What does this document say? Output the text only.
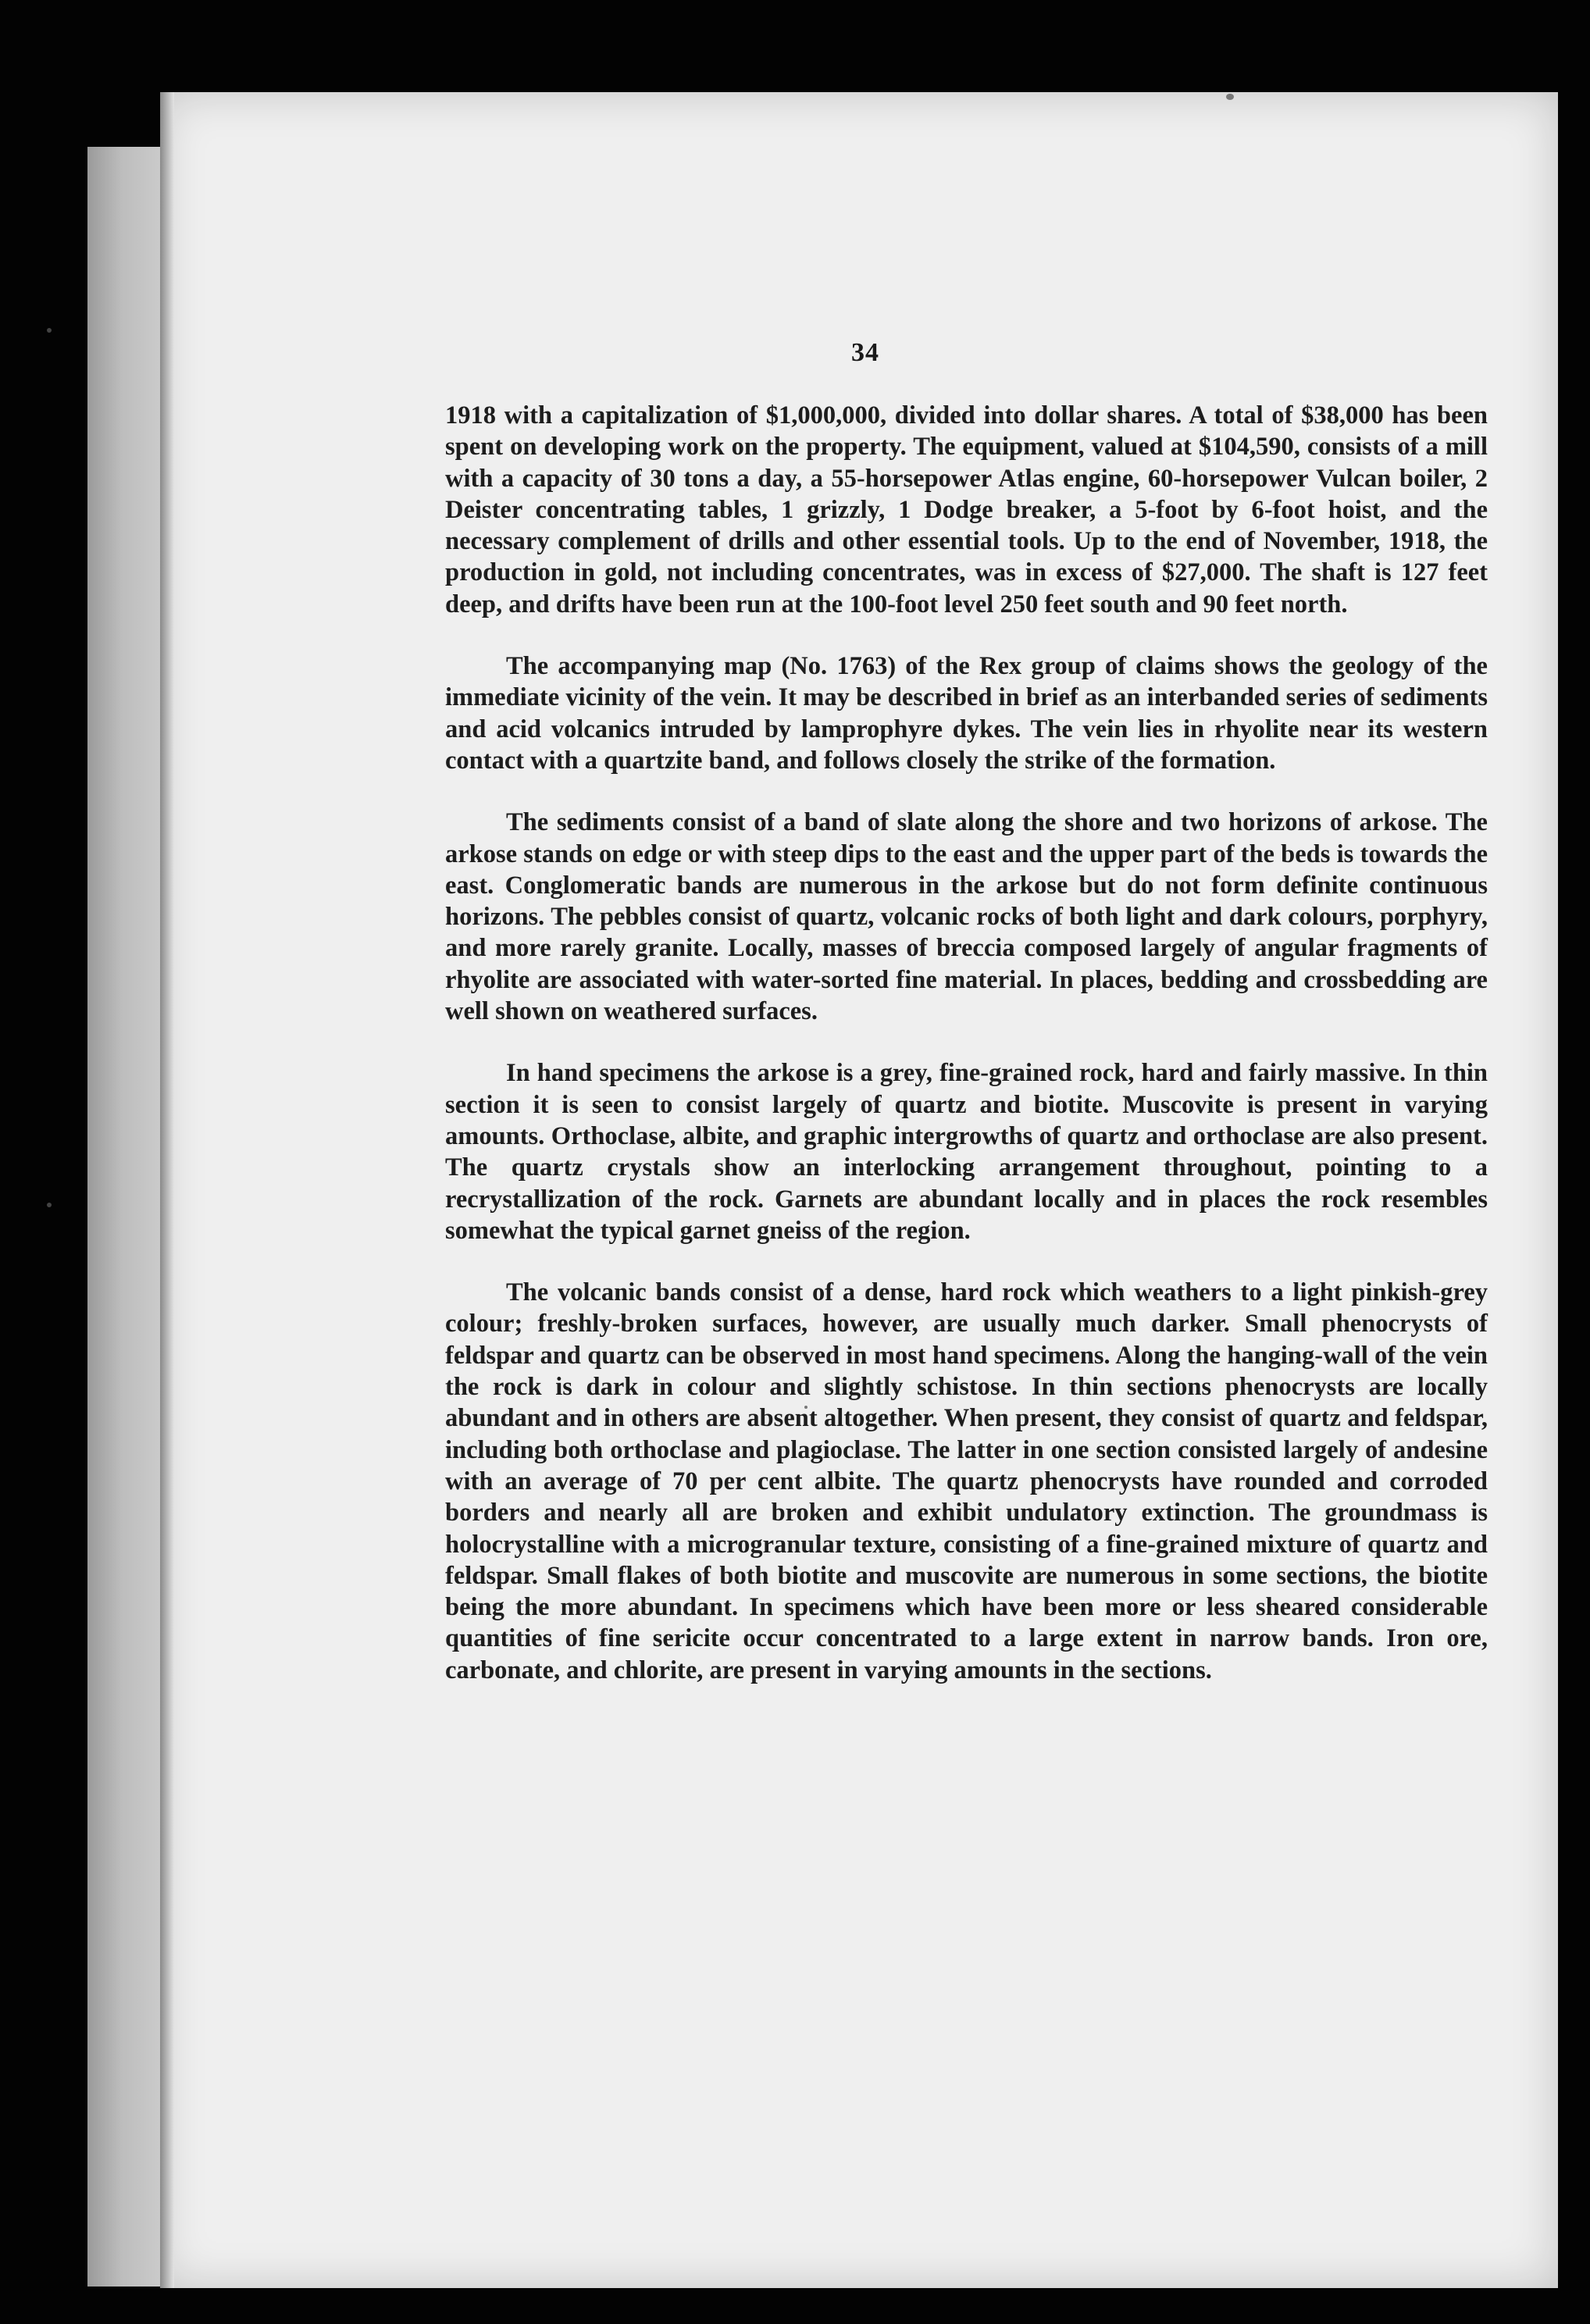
34

1918 with a capitalization of $1,000,000, divided into dollar shares. A total of $38,000 has been spent on developing work on the property. The equipment, valued at $104,590, consists of a mill with a capacity of 30 tons a day, a 55-horsepower Atlas engine, 60-horsepower Vulcan boiler, 2 Deister concentrating tables, 1 grizzly, 1 Dodge breaker, a 5-foot by 6-foot hoist, and the necessary complement of drills and other essential tools. Up to the end of November, 1918, the production in gold, not including concentrates, was in excess of $27,000. The shaft is 127 feet deep, and drifts have been run at the 100-foot level 250 feet south and 90 feet north.

The accompanying map (No. 1763) of the Rex group of claims shows the geology of the immediate vicinity of the vein. It may be described in brief as an interbanded series of sediments and acid volcanics intruded by lamprophyre dykes. The vein lies in rhyolite near its western contact with a quartzite band, and follows closely the strike of the formation.

The sediments consist of a band of slate along the shore and two horizons of arkose. The arkose stands on edge or with steep dips to the east and the upper part of the beds is towards the east. Conglomeratic bands are numerous in the arkose but do not form definite continuous horizons. The pebbles consist of quartz, volcanic rocks of both light and dark colours, porphyry, and more rarely granite. Locally, masses of breccia composed largely of angular fragments of rhyolite are associated with water-sorted fine material. In places, bedding and crossbedding are well shown on weathered surfaces.

In hand specimens the arkose is a grey, fine-grained rock, hard and fairly massive. In thin section it is seen to consist largely of quartz and biotite. Muscovite is present in varying amounts. Orthoclase, albite, and graphic intergrowths of quartz and orthoclase are also present. The quartz crystals show an interlocking arrangement throughout, pointing to a recrystallization of the rock. Garnets are abundant locally and in places the rock resembles somewhat the typical garnet gneiss of the region.

The volcanic bands consist of a dense, hard rock which weathers to a light pinkish-grey colour; freshly-broken surfaces, however, are usually much darker. Small phenocrysts of feldspar and quartz can be observed in most hand specimens. Along the hanging-wall of the vein the rock is dark in colour and slightly schistose. In thin sections phenocrysts are locally abundant and in others are absent altogether. When present, they consist of quartz and feldspar, including both orthoclase and plagioclase. The latter in one section consisted largely of andesine with an average of 70 per cent albite. The quartz phenocrysts have rounded and corroded borders and nearly all are broken and exhibit undulatory extinction. The groundmass is holocrystalline with a microgranular texture, consisting of a fine-grained mixture of quartz and feldspar. Small flakes of both biotite and muscovite are numerous in some sections, the biotite being the more abundant. In specimens which have been more or less sheared considerable quantities of fine sericite occur concentrated to a large extent in narrow bands. Iron ore, carbonate, and chlorite, are present in varying amounts in the sections.
